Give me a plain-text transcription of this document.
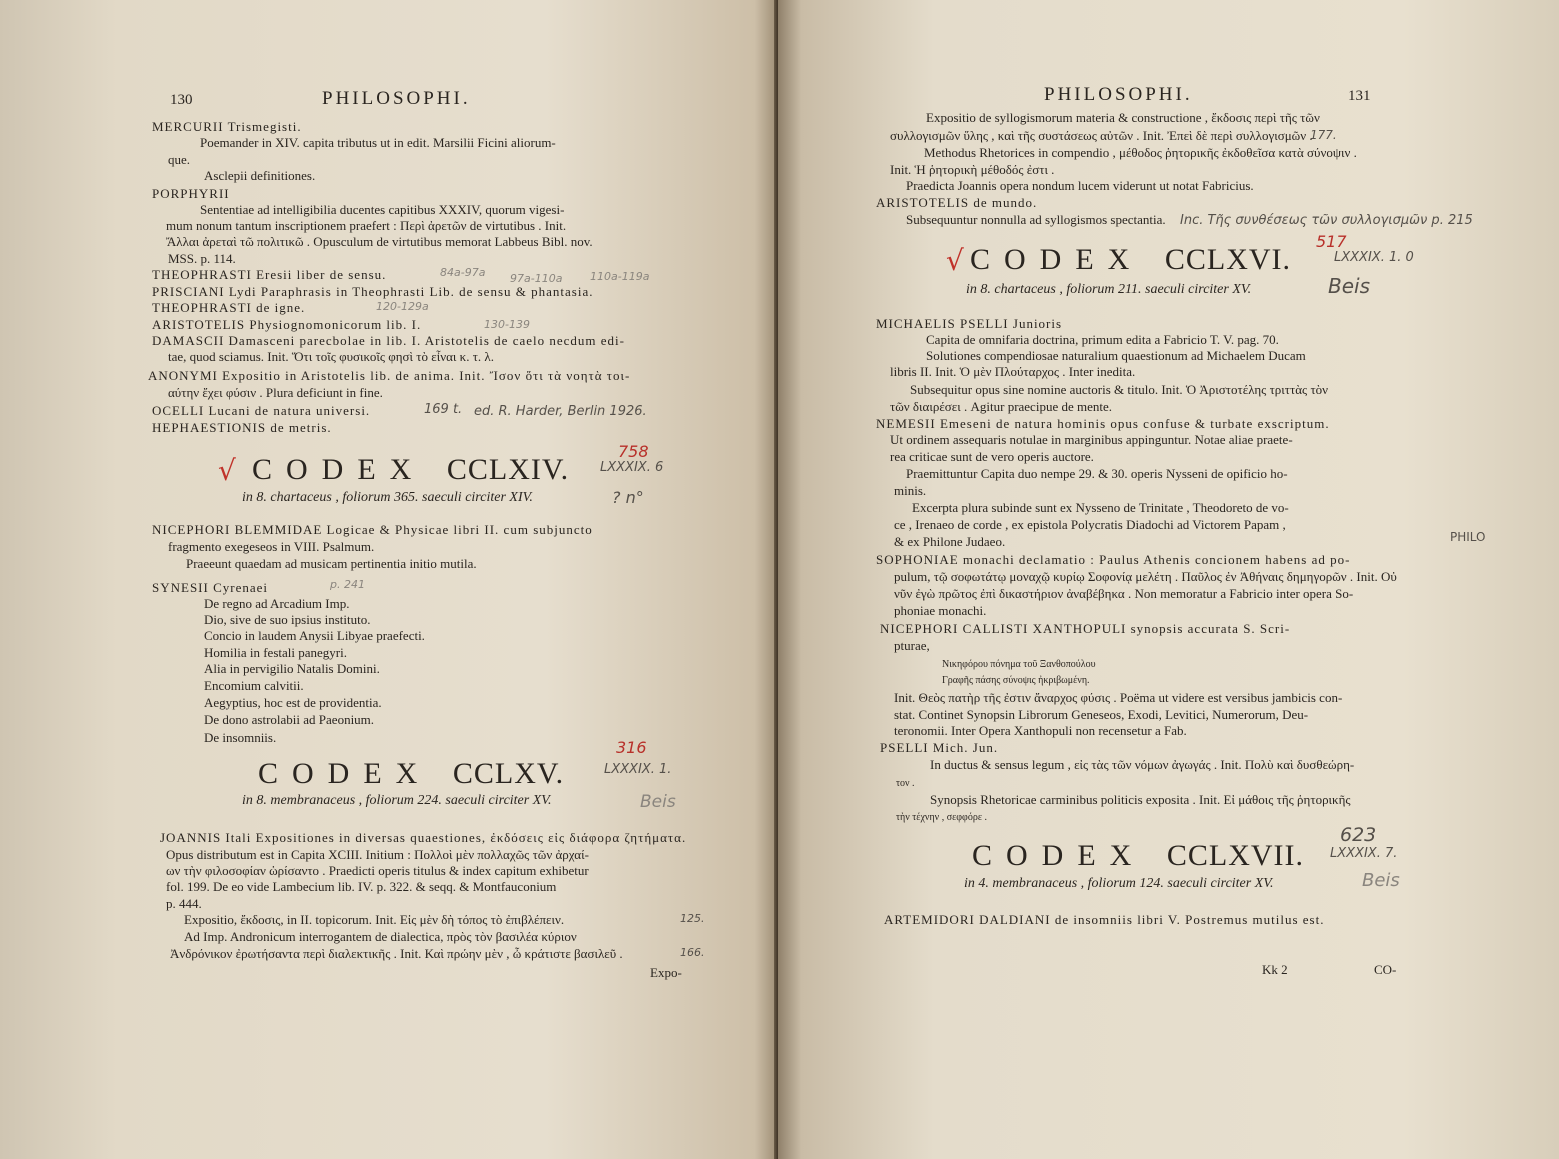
130	PHILOSOPHI.
MERCURII Trismegisti.
Poemander in XIV. capita tributus ut in edit. Marsilii Ficini aliorum-
que.
Asclepii definitiones.
PORPHYRII
Sententiae ad intelligibilia ducentes capitibus XXXIV, quorum vigesi-
mum nonum tantum inscriptionem praefert : Περὶ ἀρετῶν de virtutibus . Init.
Ἄλλαι ἀρεταὶ τῶ πολιτικῶ . Opusculum de virtutibus memorat Labbeus Bibl. nov.
MSS. p. 114.
THEOPHRASTI Eresii liber de sensu.
PRISCIANI Lydi Paraphrasis in Theophrasti Lib. de sensu & phantasia.
THEOPHRASTI de igne.
ARISTOTELIS Physiognomonicorum lib. I.
DAMASCII Damasceni parecbolae in lib. I. Aristotelis de caelo necdum edi-
tae, quod sciamus. Init. Ὅτι τοῖς φυσικοῖς φησὶ τὸ εἶναι κ. τ. λ.
ANONYMI Expositio in Aristotelis lib. de anima. Init. Ἴσον ὅτι τὰ νοητὰ τοι-
αύτην ἔχει φύσιν . Plura deficiunt in fine.
OCELLI Lucani de natura universi.
HEPHAESTIONIS de metris.
√ CODEX CCLXIV.
in 8. chartaceus , foliorum 365. saeculi circiter XIV.
NICEPHORI BLEMMIDAE Logicae & Physicae libri II. cum subjuncto
fragmento exegeseos in VIII. Psalmum.
Praeeunt quaedam ad musicam pertinentia initio mutila.
SYNESII Cyrenaei
De regno ad Arcadium Imp.
Dio, sive de suo ipsius instituto.
Concio in laudem Anysii Libyae praefecti.
Homilia in festali panegyri.
Alia in pervigilio Natalis Domini.
Encomium calvitii.
Aegyptius, hoc est de providentia.
De dono astrolabii ad Paeonium.
De insomniis.
CODEX CCLXV.
in 8. membranaceus , foliorum 224. saeculi circiter XV.
JOANNIS Itali Expositiones in diversas quaestiones, ἐκδόσεις εἰς διάφορα ζητήματα.
Opus distributum est in Capita XCIII. Initium : Πολλοὶ μὲν πολλαχῶς τῶν ἀρχαί-
ων τὴν φιλοσοφίαν ὡρίσαντο . Praedicti operis titulus & index capitum exhibetur
fol. 199. De eo vide Lambecium lib. IV. p. 322. & seqq. & Montfauconium
p. 444.
Expositio, ἔκδοσις, in II. topicorum. Init. Εἰς μὲν δὴ τόπος τὸ ἐπιβλέπειν.
Ad Imp. Andronicum interrogantem de dialectica, πρὸς τὸν βασιλέα κύριον
Ἀνδρόνικον ἐρωτήσαντα περὶ διαλεκτικῆς . Init. Καὶ πρώην μὲν , ὦ κράτιστε βασιλεῦ .
Expo-
84a-97a 97a-110a	110a-119a
120-129a
130-139
169 t. ed. R. Harder, Berlin 1926.
758
LXXXIX. 6
? n°
p. 241
316
LXXXIX. 1.
Beis
125.
166.
PHILOSOPHI.	131
Expositio de syllogismorum materia & constructione , ἔκδοσις περὶ τῆς τῶν
συλλογισμῶν ὕλης , καὶ τῆς συστάσεως αὐτῶν . Init. Ἐπεὶ δὲ περὶ συλλογισμῶν .
Methodus Rhetorices in compendio , μέθοδος ῥητορικῆς ἐκδοθεῖσα κατὰ σύνοψιν .
Init. Ἡ ῥητορικὴ μέθοδός ἐστι .
Praedicta Joannis opera nondum lucem viderunt ut notat Fabricius.
ARISTOTELIS de mundo.
Subsequuntur nonnulla ad syllogismos spectantia.
√ CODEX CCLXVI.
in 8. chartaceus , foliorum 211. saeculi circiter XV.
MICHAELIS PSELLI Junioris
Capita de omnifaria doctrina, primum edita a Fabricio T. V. pag. 70.
Solutiones compendiosae naturalium quaestionum ad Michaelem Ducam
libris II. Init. Ὁ μὲν Πλούταρχος . Inter inedita.
Subsequitur opus sine nomine auctoris & titulo. Init. Ὁ Ἀριστοτέλης τριττὰς τὸν
τῶν διαιρέσει . Agitur praecipue de mente.
NEMESII Emeseni de natura hominis opus confuse & turbate exscriptum.
Ut ordinem assequaris notulae in marginibus appinguntur. Notae aliae praete-
rea criticae sunt de vero operis auctore.
Praemittuntur Capita duo nempe 29. & 30. operis Nysseni de opificio ho-
minis.
Excerpta plura subinde sunt ex Nysseno de Trinitate , Theodoreto de vo-
ce , Irenaeo de corde , ex epistola Polycratis Diadochi ad Victorem Papam ,
& ex Philone Judaeo.
SOPHONIAE monachi declamatio : Paulus Athenis concionem habens ad po-
pulum, τῷ σοφωτάτῳ μοναχῷ κυρίῳ Σοφονίᾳ μελέτη . Παῦλος ἐν Ἀθήναις δημηγορῶν . Init. Οὐ
νῦν ἐγὼ πρῶτος ἐπὶ δικαστήριον ἀναβέβηκα . Non memoratur a Fabricio inter opera So-
phoniae monachi.
NICEPHORI CALLISTI XANTHOPULI synopsis accurata S. Scri-
pturae,
Νικηφόρου πόνημα τοῦ Ξανθοπούλου
Γραφῆς πάσης σύνοψις ἠκριβωμένη.
Init. Θεὸς πατὴρ τῆς ἐστιν ἄναρχος φύσις . Poëma ut videre est versibus jambicis con-
stat. Continet Synopsin Librorum Geneseos, Exodi, Levitici, Numerorum, Deu-
teronomii. Inter Opera Xanthopuli non recensetur a Fab.
PSELLI Mich. Jun.
In ductus & sensus legum , εἰς τὰς τῶν νόμων ἀγωγάς . Init. Πολὺ καὶ δυσθεώρη-
τον .
Synopsis Rhetoricae carminibus politicis exposita . Init. Εἰ μάθοις τῆς ῥητορικῆς
τὴν τέχνην , σεφφόρε .
CODEX CCLXVII.
in 4. membranaceus , foliorum 124. saeculi circiter XV.
ARTEMIDORI DALDIANI de insomniis libri V. Postremus mutilus est.
Kk 2	CO-
177.
Inc. Τῆς συνθέσεως τῶν συλλογισμῶν p. 215
517
LXXXIX. 1. 0
Beis
PHILO
623
LXXXIX. 7.
Beis
